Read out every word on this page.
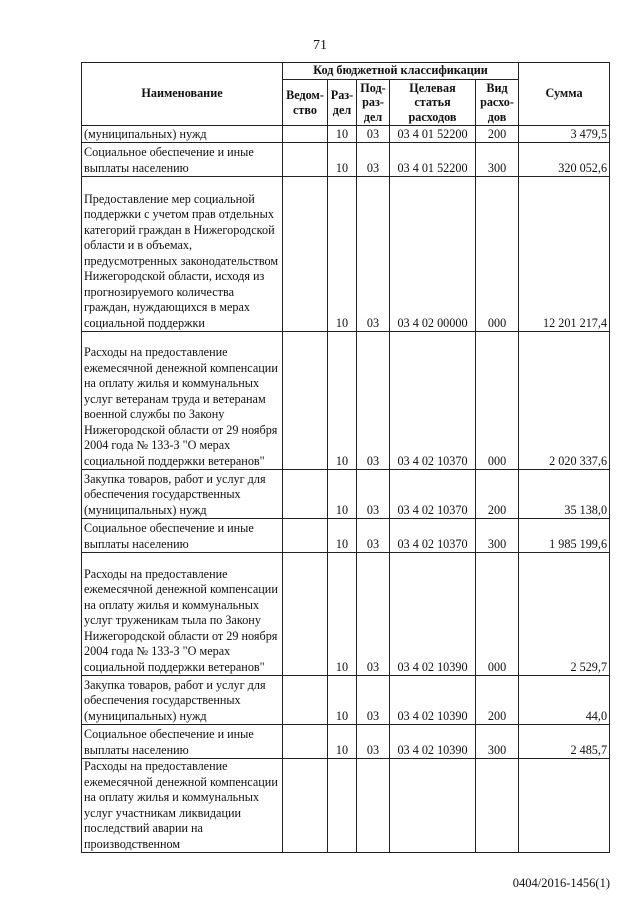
71
Наименование	Код бюджетной классификации					Сумма
	Ведом-ство	Раз-дел	Под-раз-дел	Целевая статья расходов	Вид расхо-дов	
(муниципальных) нужд		10	03	03 4 01 52200	200	3 479,5
Социальное обеспечение и иные выплаты населению		10	03	03 4 01 52200	300	320 052,6
Предоставление мер социальной поддержки с учетом прав отдельных категорий граждан в Нижегородской области и в объемах, предусмотренных законодательством Нижегородской области, исходя из прогнозируемого количества граждан, нуждающихся в мерах социальной поддержки		10	03	03 4 02 00000	000	12 201 217,4
Расходы на предоставление ежемесячной денежной компенсации на оплату жилья и коммунальных услуг ветеранам труда и ветеранам военной службы по Закону Нижегородской области от 29 ноября 2004 года № 133-З "О мерах социальной поддержки ветеранов"		10	03	03 4 02 10370	000	2 020 337,6
Закупка товаров, работ и услуг для обеспечения государственных (муниципальных) нужд		10	03	03 4 02 10370	200	35 138,0
Социальное обеспечение и иные выплаты населению		10	03	03 4 02 10370	300	1 985 199,6
Расходы на предоставление ежемесячной денежной компенсации на оплату жилья и коммунальных услуг труженикам тыла по Закону Нижегородской области от 29 ноября 2004 года № 133-З "О мерах социальной поддержки ветеранов"		10	03	03 4 02 10390	000	2 529,7
Закупка товаров, работ и услуг для обеспечения государственных (муниципальных) нужд		10	03	03 4 02 10390	200	44,0
Социальное обеспечение и иные выплаты населению		10	03	03 4 02 10390	300	2 485,7
Расходы на предоставление ежемесячной денежной компенсации на оплату жилья и коммунальных услуг участникам ликвидации последствий аварии на производственном						
0404/2016-1456(1)
